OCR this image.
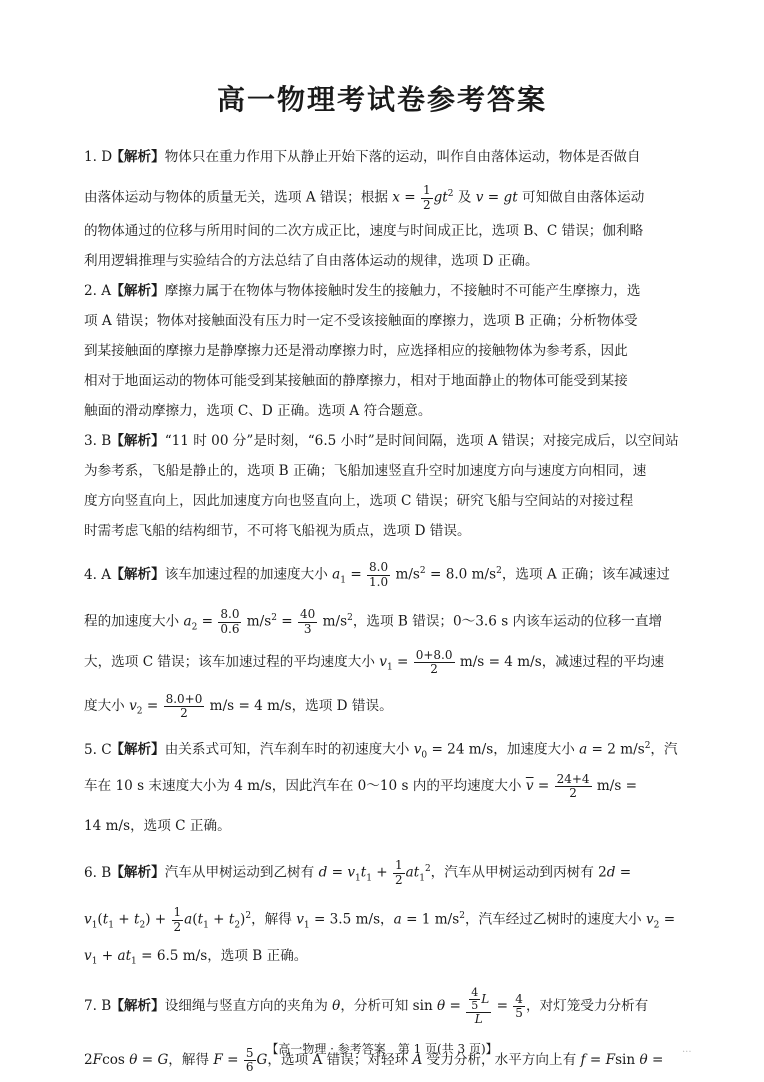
高一物理考试卷参考答案
1. D 【解析】物体只在重力作用下从静止开始下落的运动，叫作自由落体运动，物体是否做自
由落体运动与物体的质量无关，选项 A 错误；根据 $x = \frac{1}{2} gt^2$ 及 v = gt 可知做自由落体运动
的物体通过的位移与所用时间的二次方成正比，速度与时间成正比，选项 B、C 错误；伽利略
利用逻辑推理与实验结合的方法总结了自由落体运动的规律，选项 D 正确。
2. A 【解析】摩擦力属于在物体与物体接触时发生的接触力，不接触时不可能产生摩擦力，选
项 A 错误；物体对接触面没有压力时一定不受该接触面的摩擦力，选项 B 正确；分析物体受
到某接触面的摩擦力是静摩擦力还是滑动摩擦力时，应选择相应的接触物体为参考系，因此
相对于地面运动的物体可能受到某接触面的静摩擦力，相对于地面静止的物体可能受到某接
触面的滑动摩擦力，选项 C、D 正确。选项 A 符合题意。
3. B 【解析】“11 时 00 分”是时刻，“6.5 小时”是时间间隔，选项 A 错误；对接完成后，以空间站
为参考系，飞船是静止的，选项 B 正确；飞船加速竖直升空时加速度方向与速度方向相同，速
度方向竖直向上，因此加速度方向也竖直向上，选项 C 错误；研究飞船与空间站的对接过程
时需考虑飞船的结构细节，不可将飞船视为质点，选项 D 错误。
4. A 【解析】该车加速过程的加速度大小 $a_1 = \frac{8.0}{1.0} m/s^2 = 8.0$ $m/s^2$，选项 A 正确；该车减速过
程的加速度大小 $a_2 = \frac{8.0}{0.6} m/s^2 = \frac{40}{3} m/s^2$，选项 B 错误；0～3.6 s 内该车运动的位移一直增
大，选项 C 错误；该车加速过程的平均速度大小 $v_1 = \frac{0+8.0}{2} m/s = 4$ m/s，减速过程的平均速
度大小 $v_2 = \frac{8.0+0}{2} m/s = 4$ m/s，选项 D 错误。
5. C 【解析】由关系式可知，汽车刹车时的初速度大小 $v_0 = 24$ m/s，加速度大小 a = 2 $m/s^2$，汽
车在 10 s 末速度大小为 4 m/s，因此汽车在 0～10 s 内的平均速度大小 $\overline{v} = \frac{24+4}{2} m/s$ =
14 m/s，选项 C 正确。
6. B 【解析】汽车从甲树运动到乙树有 $d = v_1t_1 + \frac{1}{2} at_1^2$，汽车从甲树运动到丙树有 2d =
$v_1(t_1 + t_2) + \frac{1}{2} a(t_1 + t_2)^2$，解得 $v_1 = 3.5$ m/s，a = 1 $m/s^2$，汽车经过乙树时的速度大小 $v_2$ =
$v_1 + at_1 = 6.5$ m/s，选项 B 正确。
7. B 【解析】设细绳与竖直方向的夹角为 θ，分析可知 $\sin \theta = \frac{\frac{4}{5} L}{L} = \frac{4}{5}$ ，对灯笼受力分析有
2Fcos θ = G，解得 $F = \frac{5}{6}$ G，选项 A 错误；对轻环 A 受力分析，水平方向上有 f = Fsin θ =
【高一物理 · 参考答案　第 1 页(共 3 页)】	...
